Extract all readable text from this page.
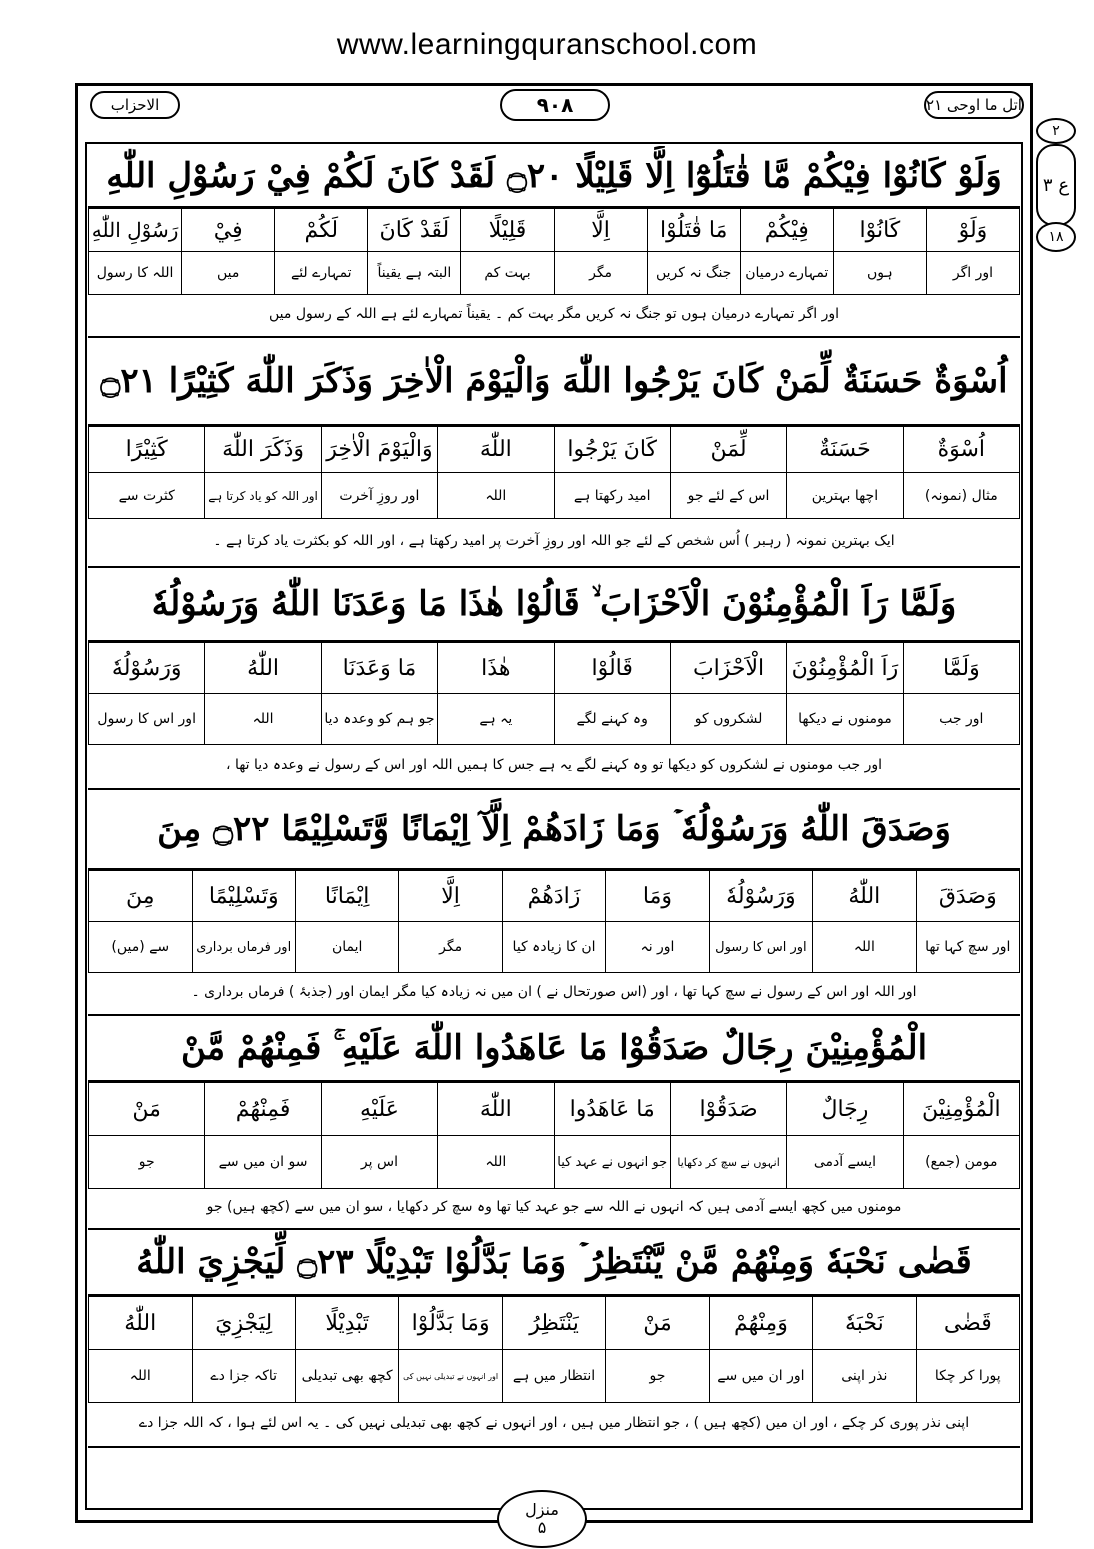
www.learningquranschool.com
الاحزاب	۹۰۸	اتل ما اوحی ۲۱
۲
ع ۳
۱۸
وَلَوْ كَانُوْا فِيْكُمْ مَّا قٰتَلُوْٓا اِلَّا قَلِيْلًا ۝۲۰ لَقَدْ كَانَ لَكُمْ فِيْ رَسُوْلِ اللّٰهِ
وَلَوْ	كَانُوْا	فِيْكُمْ	مَا قٰتَلُوْا	اِلَّا	قَلِيْلًا	لَقَدْ كَانَ	لَكُمْ	فِيْ	رَسُوْلِ اللّٰهِ
اور اگر	ہوں	تمہارے درمیان	جنگ نہ کریں	مگر	بہت کم	البتہ ہے یقیناً	تمہارے لئے	میں	اللہ کا رسول
اور اگر تمہارے درمیان ہوں تو جنگ نہ کریں مگر بہت کم ۔ یقیناً تمہارے لئے ہے اللہ کے رسول میں
اُسْوَةٌ حَسَنَةٌ لِّمَنْ كَانَ يَرْجُوا اللّٰهَ وَالْيَوْمَ الْاٰخِرَ وَذَكَرَ اللّٰهَ كَثِيْرًا ۝۲۱
اُسْوَةٌ	حَسَنَةٌ	لِّمَنْ	كَانَ يَرْجُوا	اللّٰهَ	وَالْيَوْمَ الْاٰخِرَ	وَذَكَرَ اللّٰهَ	كَثِيْرًا
مثال (نمونہ)	اچھا بہترین	اس کے لئے جو	امید رکھتا ہے	اللہ	اور روزِ آخرت	اور اللہ کو یاد کرتا ہے	کثرت سے
ایک بہترین نمونہ ( رہبر ) اُس شخص کے لئے جو اللہ اور روزِ آخرت پر امید رکھتا ہے ، اور اللہ کو بکثرت یاد کرتا ہے ۔
وَلَمَّا رَاَ الْمُؤْمِنُوْنَ الْاَحْزَابَ ۙ قَالُوْا هٰذَا مَا وَعَدَنَا اللّٰهُ وَرَسُوْلُهٗ
وَلَمَّا	رَاَ الْمُؤْمِنُوْنَ	الْاَحْزَابَ	قَالُوْا	هٰذَا	مَا وَعَدَنَا	اللّٰهُ	وَرَسُوْلُهٗ
اور جب	مومنوں نے دیکھا	لشکروں کو	وہ کہنے لگے	یہ ہے	جو ہم کو وعدہ دیا	اللہ	اور اس کا رسول
اور جب مومنوں نے لشکروں کو دیکھا تو وہ کہنے لگے یہ ہے جس کا ہمیں اللہ اور اس کے رسول نے وعدہ دیا تھا ،
وَصَدَقَ اللّٰهُ وَرَسُوْلُهٗ ۡ وَمَا زَادَهُمْ اِلَّآ اِيْمَانًا وَّتَسْلِيْمًا ۝۲۲ مِنَ
وَصَدَقَ	اللّٰهُ	وَرَسُوْلُهٗ	وَمَا	زَادَهُمْ	اِلَّا	اِيْمَانًا	وَتَسْلِيْمًا	مِنَ
اور سچ کہا تھا	اللہ	اور اس کا رسول	اور نہ	ان کا زیادہ کیا	مگر	ایمان	اور فرماں برداری	سے (میں)
اور اللہ اور اس کے رسول نے سچ کہا تھا ، اور (اس صورتحال نے ) ان میں نہ زیادہ کیا مگر ایمان اور (جذبۂ ) فرماں برداری ۔
الْمُؤْمِنِيْنَ رِجَالٌ صَدَقُوْا مَا عَاهَدُوا اللّٰهَ عَلَيْهِ ۚ فَمِنْهُمْ مَّنْ
الْمُؤْمِنِيْنَ	رِجَالٌ	صَدَقُوْا	مَا عَاهَدُوا	اللّٰهَ	عَلَيْهِ	فَمِنْهُمْ	مَنْ
مومن (جمع)	ایسے آدمی	انہوں نے سچ کر دکھایا	جو انہوں نے عہد کیا	اللہ	اس پر	سو ان میں سے	جو
مومنوں میں کچھ ایسے آدمی ہیں کہ انہوں نے اللہ سے جو عہد کیا تھا وہ سچ کر دکھایا ، سو ان میں سے (کچھ ہیں) جو
قَضٰى نَحْبَهٗ وَمِنْهُمْ مَّنْ يَّنْتَظِرُ ۡ وَمَا بَدَّلُوْا تَبْدِيْلًا ۝۲۳ لِّيَجْزِيَ اللّٰهُ
قَضٰى	نَحْبَهٗ	وَمِنْهُمْ	مَنْ	يَنْتَظِرُ	وَمَا بَدَّلُوْا	تَبْدِيْلًا	لِيَجْزِيَ	اللّٰهُ
پورا کر چکا	نذر اپنی	اور ان میں سے	جو	انتظار میں ہے	اور انہوں نے تبدیلی نہیں کی	کچھ بھی تبدیلی	تاکہ جزا دے	اللہ
اپنی نذر پوری کر چکے ، اور ان میں (کچھ ہیں ) ، جو انتظار میں ہیں ، اور انہوں نے کچھ بھی تبدیلی نہیں کی ۔ یہ اس لئے ہوا ، کہ اللہ جزا دے
منزل
۵
